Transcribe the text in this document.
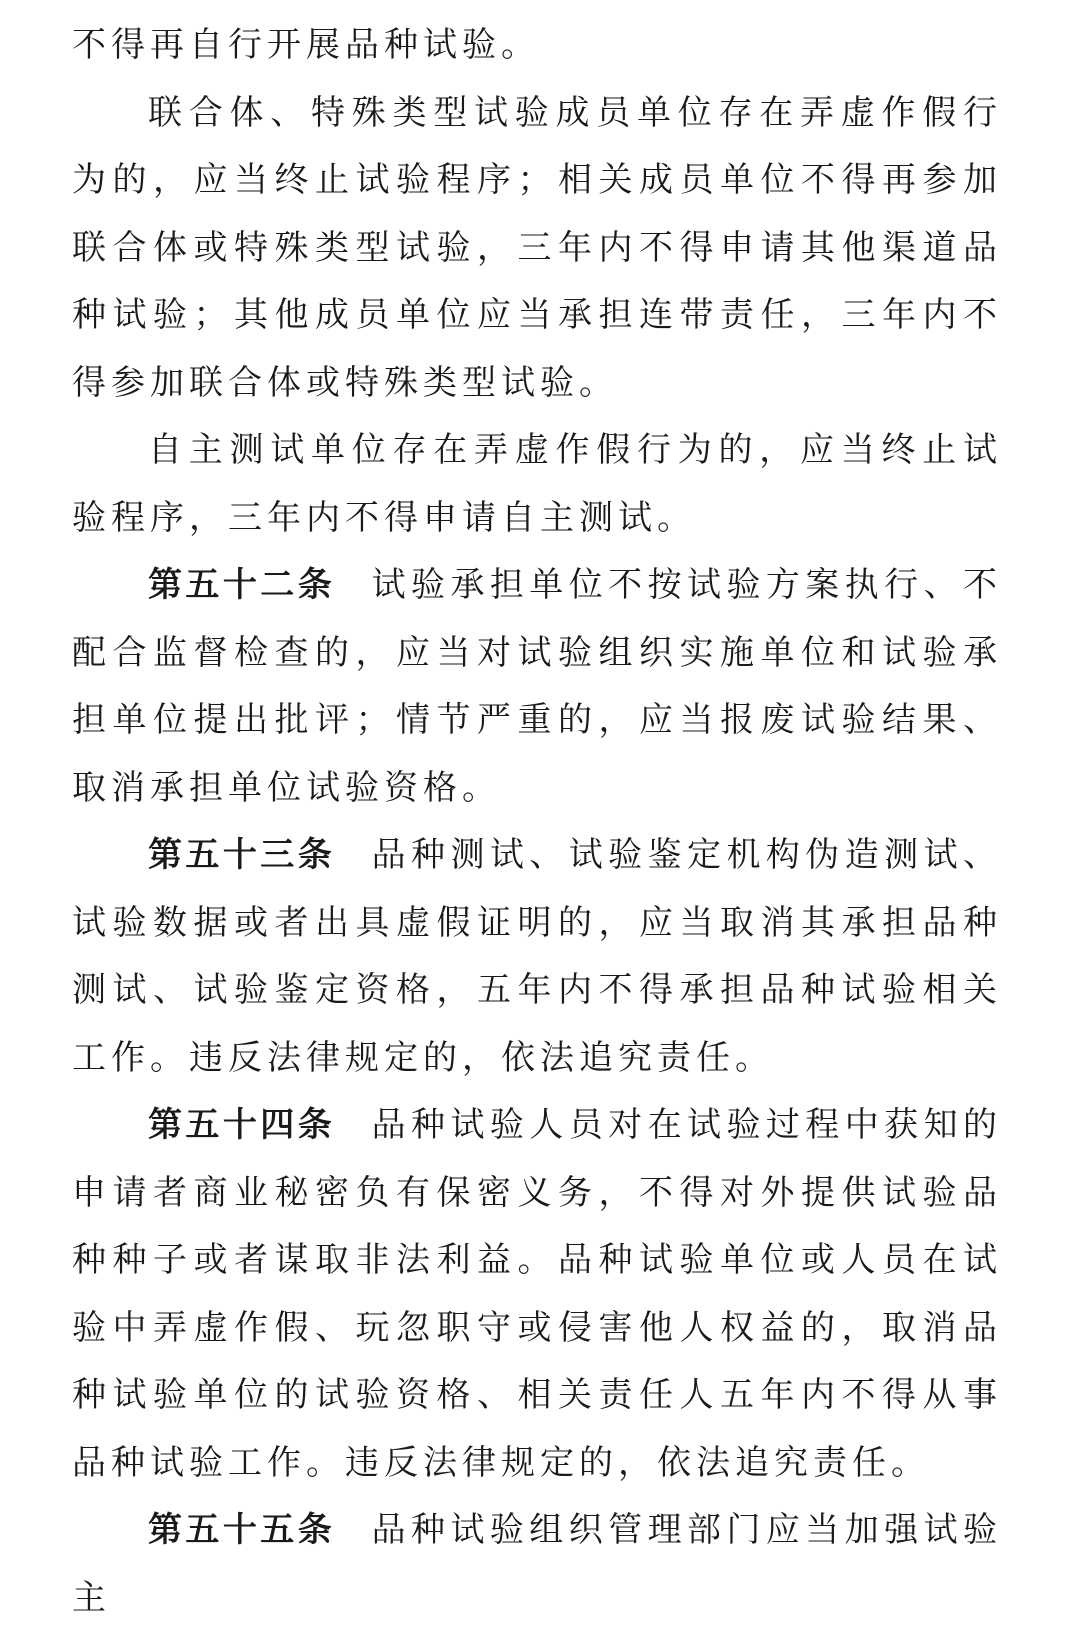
不得再自行开展品种试验。

联合体、特殊类型试验成员单位存在弄虚作假行为的，应当终止试验程序；相关成员单位不得再参加联合体或特殊类型试验，三年内不得申请其他渠道品种试验；其他成员单位应当承担连带责任，三年内不得参加联合体或特殊类型试验。

自主测试单位存在弄虚作假行为的，应当终止试验程序，三年内不得申请自主测试。

第五十二条 试验承担单位不按试验方案执行、不配合监督检查的，应当对试验组织实施单位和试验承担单位提出批评；情节严重的，应当报废试验结果、取消承担单位试验资格。

第五十三条 品种测试、试验鉴定机构伪造测试、试验数据或者出具虚假证明的，应当取消其承担品种测试、试验鉴定资格，五年内不得承担品种试验相关工作。违反法律规定的，依法追究责任。

第五十四条 品种试验人员对在试验过程中获知的申请者商业秘密负有保密义务，不得对外提供试验品种种子或者谋取非法利益。品种试验单位或人员在试验中弄虚作假、玩忽职守或侵害他人权益的，取消品种试验单位的试验资格、相关责任人五年内不得从事品种试验工作。违反法律规定的，依法追究责任。

第五十五条 品种试验组织管理部门应当加强试验主
